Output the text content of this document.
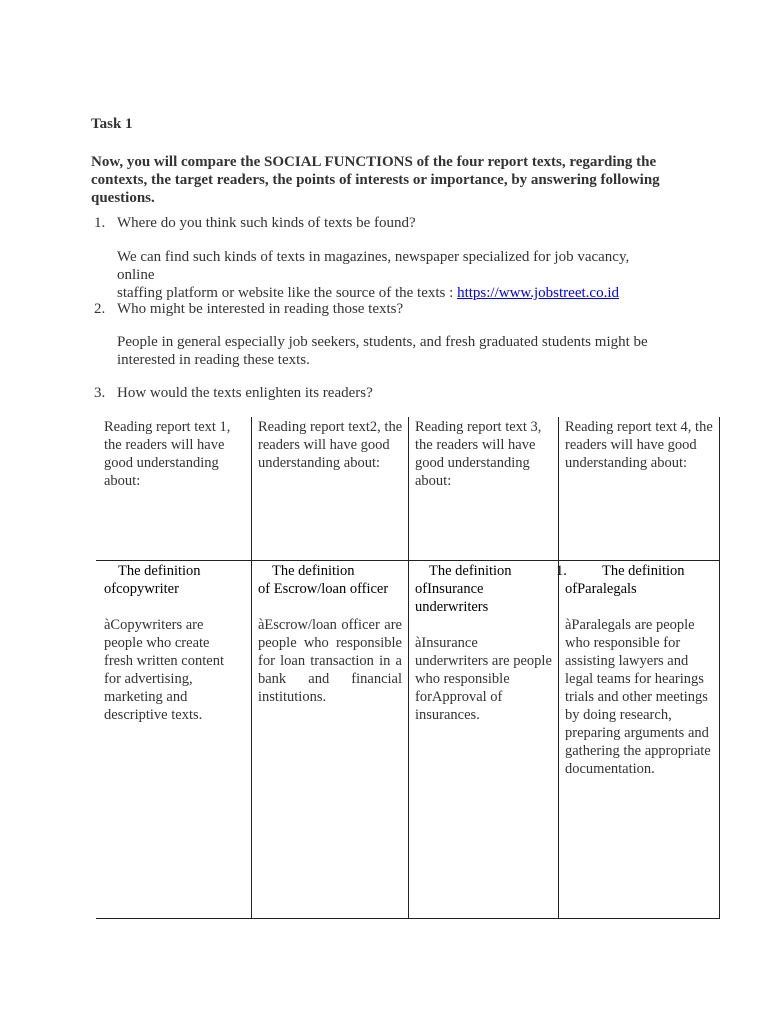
Task 1
Now, you will compare the SOCIAL FUNCTIONS of the four report texts, regarding the contexts, the target readers, the points of interests or importance, by answering following questions.
1. Where do you think such kinds of texts be found?
We can find such kinds of texts in magazines, newspaper specialized for job vacancy, online
staffing platform or website like the source of the texts : https://www.jobstreet.co.id
2. Who might be interested in reading those texts?
People in general especially job seekers, students, and fresh graduated students might be
interested in reading these texts.
3. How would the texts enlighten its readers?
Reading report text 1, the readers will have good understanding about:
Reading report text2, the readers will have good understanding about:
Reading report text 3, the readers will have good understanding about:
Reading report text 4, the readers will have good understanding about:
The definition
ofcopywriter
àCopywriters are people who create fresh written content for advertising, marketing and descriptive texts.
The definition
of Escrow/loan officer
àEscrow/loan officer are people who responsible for loan transaction in a bank and financial institutions.
The definition
ofInsurance underwriters
àInsurance underwriters are people who responsible forApproval of insurances.
1. The definition
ofParalegals
àParalegals are people who responsible for assisting lawyers and legal teams for hearings trials and other meetings by doing research, preparing arguments and gathering the appropriate documentation.
